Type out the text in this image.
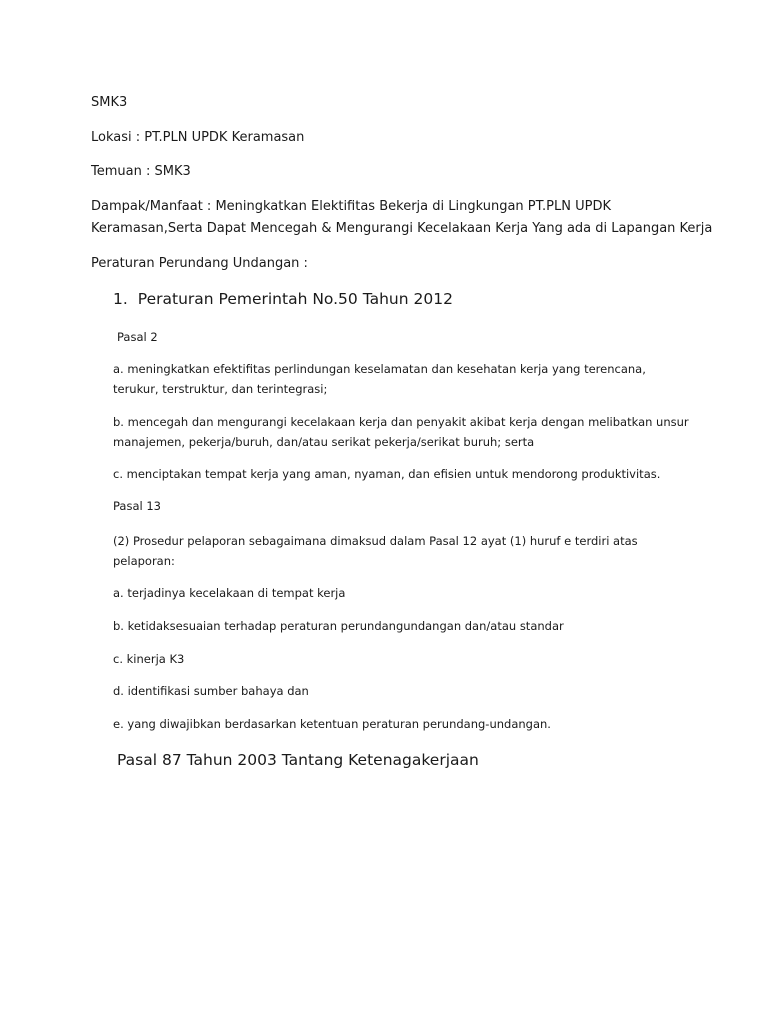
SMK3
Lokasi : PT.PLN UPDK Keramasan
Temuan : SMK3
Dampak/Manfaat : Meningkatkan Elektifitas Bekerja di Lingkungan PT.PLN UPDK
Keramasan,Serta Dapat Mencegah & Mengurangi Kecelakaan Kerja Yang ada di Lapangan Kerja
Peraturan Perundang Undangan :
1. Peraturan Pemerintah No.50 Tahun 2012
Pasal 2
a. meningkatkan efektifitas perlindungan keselamatan dan kesehatan kerja yang terencana,
terukur, terstruktur, dan terintegrasi;
b. mencegah dan mengurangi kecelakaan kerja dan penyakit akibat kerja dengan melibatkan unsur
manajemen, pekerja/buruh, dan/atau serikat pekerja/serikat buruh; serta
c. menciptakan tempat kerja yang aman, nyaman, dan efisien untuk mendorong produktivitas.
Pasal 13
(2) Prosedur pelaporan sebagaimana dimaksud dalam Pasal 12 ayat (1) huruf e terdiri atas
pelaporan:
a. terjadinya kecelakaan di tempat kerja
b. ketidaksesuaian terhadap peraturan perundangundangan dan/atau standar
c. kinerja K3
d. identifikasi sumber bahaya dan
e. yang diwajibkan berdasarkan ketentuan peraturan perundang-undangan.
Pasal 87 Tahun 2003 Tantang Ketenagakerjaan
